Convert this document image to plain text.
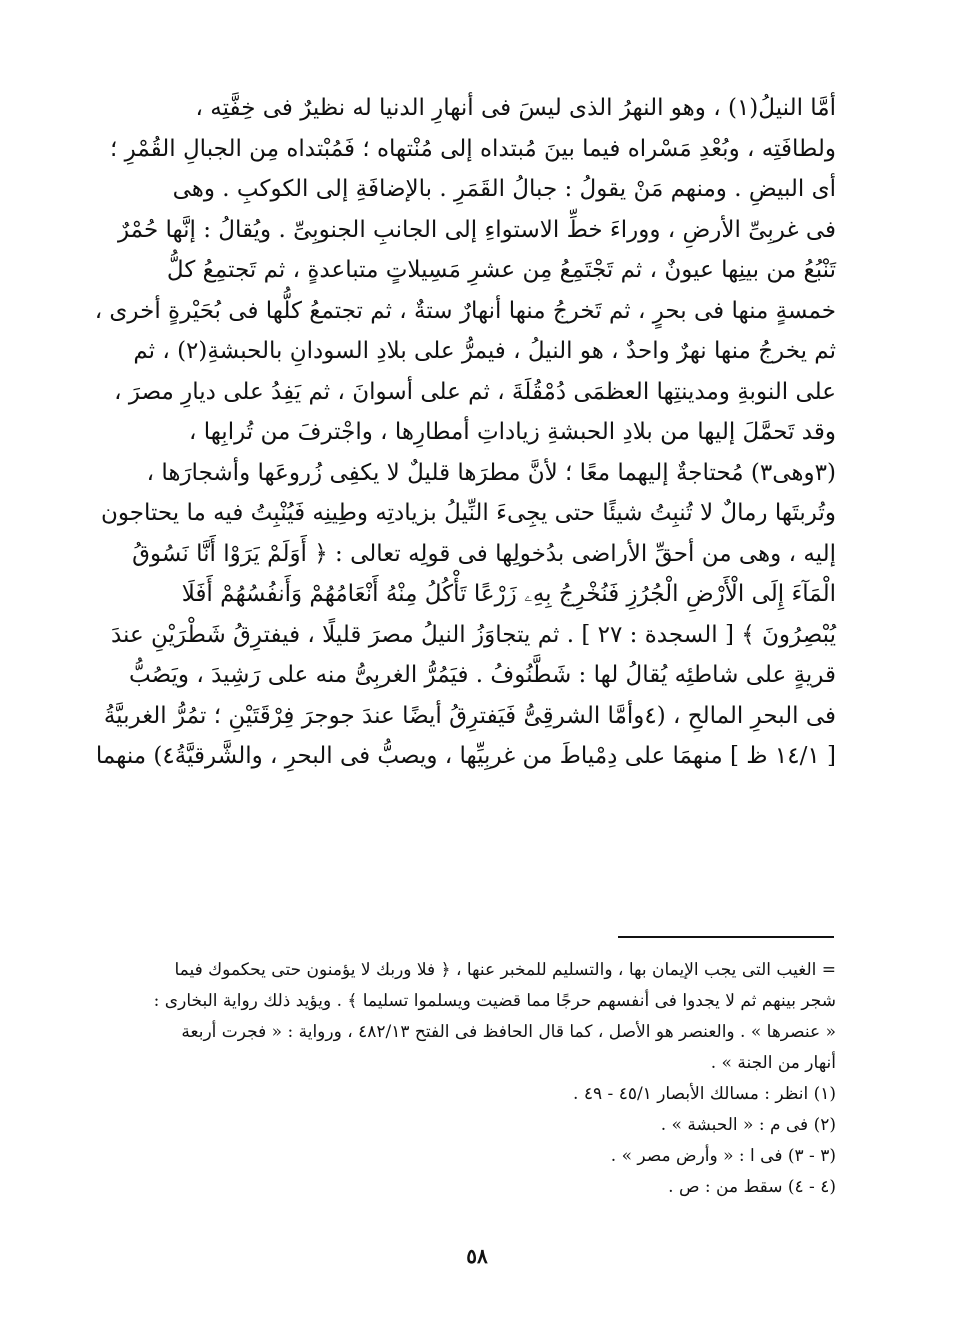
أمَّا النيلُ(١) ، وهو النهرُ الذى ليسَ فى أنهارِ الدنيا له نظيرٌ فى خِفَّتِه ،
ولطافَتِه ، وبُعْدِ مَسْراه فيما بينَ مُبتداه إلى مُنْتهاه ؛ فَمُبْتداه مِن الجبالِ القُمْرِ ؛
أى البيضِ . ومنهم مَنْ يقولُ : جبالُ القَمَرِ . بالإضافَةِ إلى الكوكبِ . وهى
فى غربِىِّ الأرضِ ، ووراءَ خطِّ الاستواءِ إلى الجانبِ الجنوبِىِّ . ويُقالُ : إنَّها حُمْرٌ
تَنْبُعُ من بينِها عيونٌ ، ثم تَجْتَمِعُ مِن عشرِ مَسِيلاتٍ متباعدةٍ ، ثم تَجتمِعُ كلُّ
خمسةٍ منها فى بحرٍ ، ثم تَخرجُ منها أنهارٌ ستةٌ ، ثم تجتمعُ كلُّها فى بُحَيْرةٍ أخرى ،
ثم يخرجُ منها نهرٌ واحدٌ ، هو النيلُ ، فيمرُّ على بلادِ السودانِ بالحبشةِ(٢) ، ثم
على النوبةِ ومدينتِها العظمَى دُمْقُلَةَ ، ثم على أسوانَ ، ثم يَفِدُ على ديارِ مصرَ ،
وقد تَحمَّلَ إليها من بلادِ الحبشةِ زياداتِ أمطارِها ، واجْترفَ من تُرابِها ،
(٣وهى٣) مُحتاجةٌ إليهما معًا ؛ لأنَّ مطرَها قليلٌ لا يكفِى زُروعَها وأشجارَها ،
وتُربتَها رمالٌ لا تُنبِتُ شيئًا حتى يجِىءَ النِّيلُ بزيادتِه وطِينِه فَيُنْبِتُ فيه ما يحتاجون
إليه ، وهى من أحقِّ الأراضى بدُخولِها فى قولِه تعالى : ﴿ أَوَلَمْ يَرَوْا أَنَّا نَسُوقُ
الْمَآءَ إِلَى الْأَرْضِ الْجُرُزِ فَنُخْرِجُ بِهِۦ زَرْعًا تَأْكُلُ مِنْهُ أَنْعَامُهُمْ وَأَنفُسُهُمْ أَفَلَا
يُبْصِرُونَ ﴾ [ السجدة : ٢٧ ] . ثم يتجاوَزُ النيلُ مصرَ قليلًا ، فيفترِقُ شَطْرَيْنِ عندَ
قريةٍ على شاطئِه يُقالُ لها : شَطَّنُوفُ . فيَمُرُّ الغربِىُّ منه على رَشِيدَ ، ويَصُبُّ
فى البحرِ المالحِ ، (٤وأمَّا الشرقِىُّ فَيَفترِقُ أيضًا عندَ جوجرَ فِرْقَتَيْنِ ؛ تمُرُّ الغربيَّةُ
[ ١٤/١ ظ ] منهمَا على دِمْياطَ من غربِيِّها ، ويصبُّ فى البحرِ ، والشَّرقيَّةُ٤) منهما
= الغيب التى يجب الإيمان بها ، والتسليم للمخبر عنها ، ﴿ فلا وربك لا يؤمنون حتى يحكموك فيما
شجر بينهم ثم لا يجدوا فى أنفسهم حرجًا مما قضيت ويسلموا تسليما ﴾ . ويؤيد ذلك رواية البخارى :
« عنصرها » . والعنصر هو الأصل ، كما قال الحافظ فى الفتح ٤٨٢/١٣ ، ورواية : « فجرت أربعة
أنهار من الجنة » .
(١) انظر : مسالك الأبصار ٤٥/١ - ٤٩ .
(٢) فى م : « الحبشة » .
(٣ - ٣) فى ا : « وأرض مصر » .
(٤ - ٤) سقط من : ص .
٥٨
